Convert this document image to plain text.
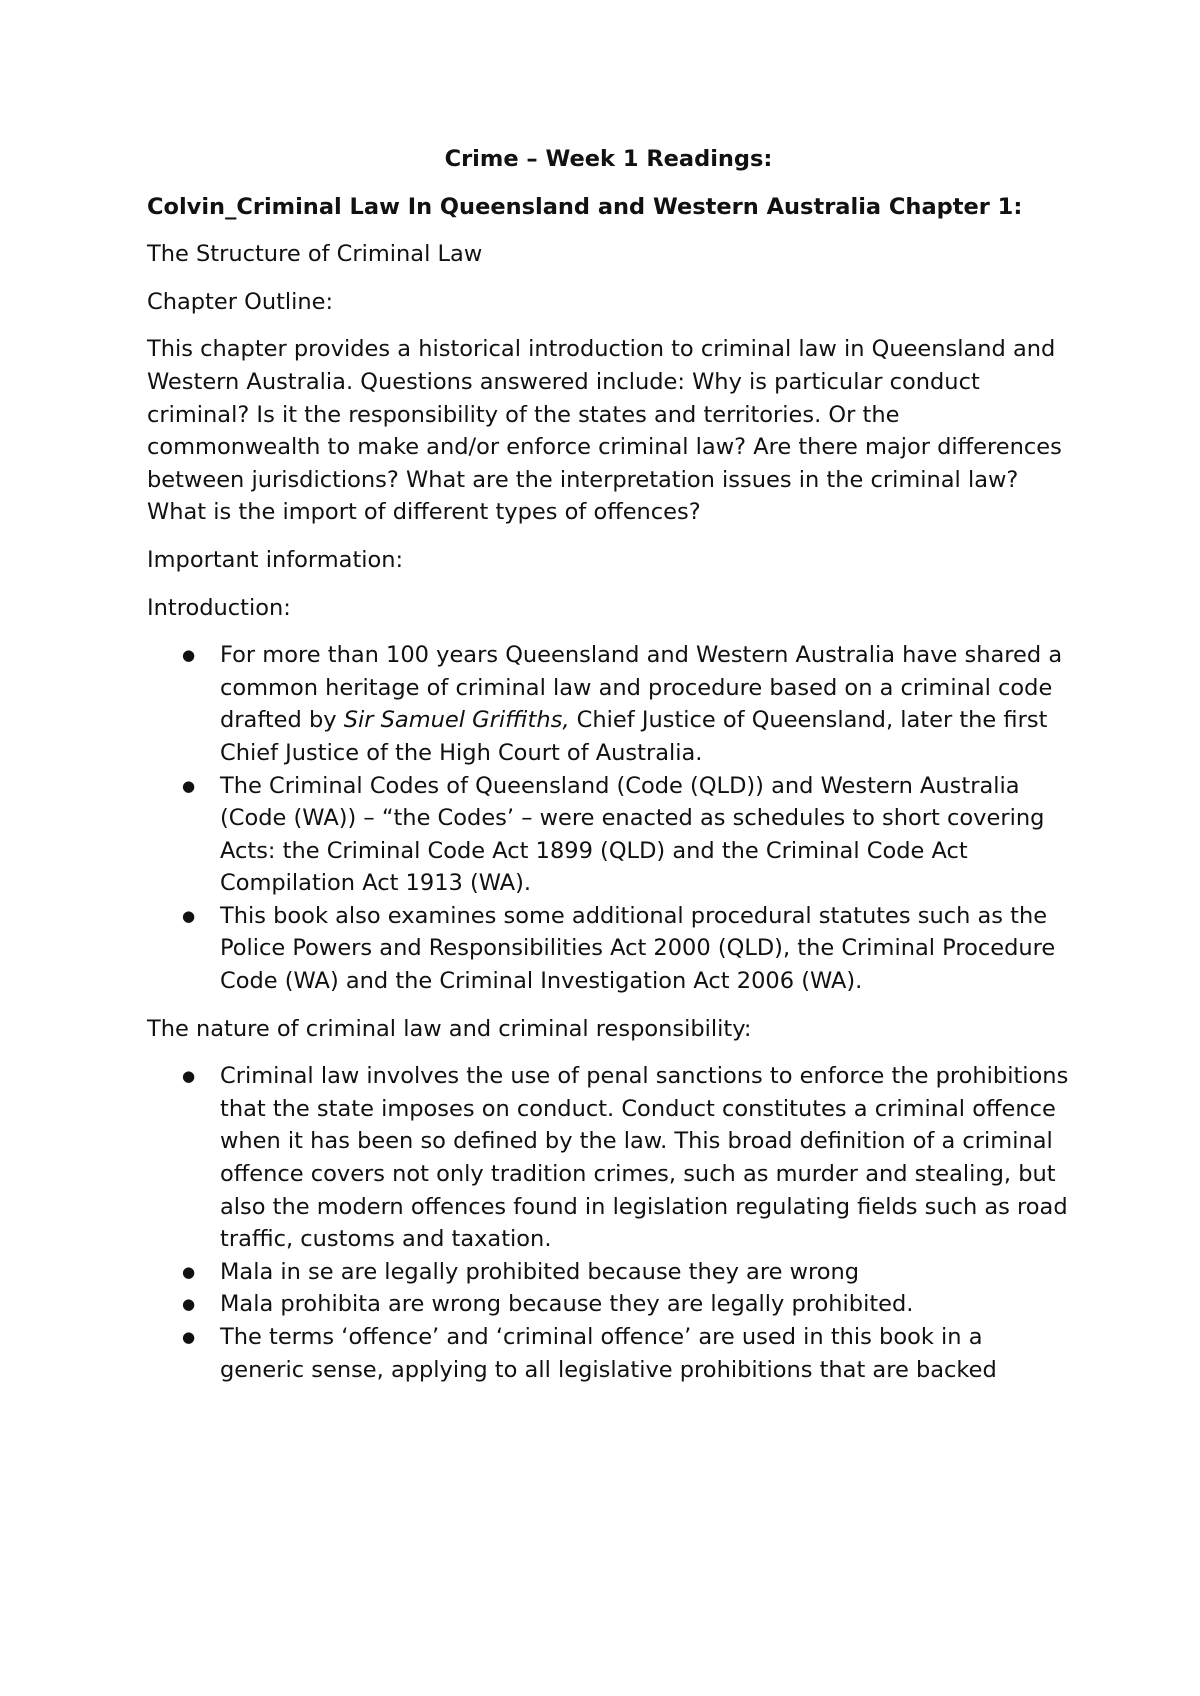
Crime – Week 1 Readings:
Colvin_Criminal Law In Queensland and Western Australia Chapter 1:

The Structure of Criminal Law

Chapter Outline:

This chapter provides a historical introduction to criminal law in Queensland and Western Australia. Questions answered include: Why is particular conduct criminal? Is it the responsibility of the states and territories. Or the commonwealth to make and/or enforce criminal law? Are there major differences between jurisdictions? What are the interpretation issues in the criminal law? What is the import of different types of offences?

Important information:

Introduction:

● For more than 100 years Queensland and Western Australia have shared a common heritage of criminal law and procedure based on a criminal code drafted by Sir Samuel Griffiths, Chief Justice of Queensland, later the first Chief Justice of the High Court of Australia.
● The Criminal Codes of Queensland (Code (QLD)) and Western Australia (Code (WA)) – “the Codes’ – were enacted as schedules to short covering Acts: the Criminal Code Act 1899 (QLD) and the Criminal Code Act Compilation Act 1913 (WA).
● This book also examines some additional procedural statutes such as the Police Powers and Responsibilities Act 2000 (QLD), the Criminal Procedure Code (WA) and the Criminal Investigation Act 2006 (WA).

The nature of criminal law and criminal responsibility:

● Criminal law involves the use of penal sanctions to enforce the prohibitions that the state imposes on conduct. Conduct constitutes a criminal offence when it has been so defined by the law. This broad definition of a criminal offence covers not only tradition crimes, such as murder and stealing, but also the modern offences found in legislation regulating fields such as road traffic, customs and taxation.
● Mala in se are legally prohibited because they are wrong
● Mala prohibita are wrong because they are legally prohibited.
● The terms ‘offence’ and ‘criminal offence’ are used in this book in a generic sense, applying to all legislative prohibitions that are backed
